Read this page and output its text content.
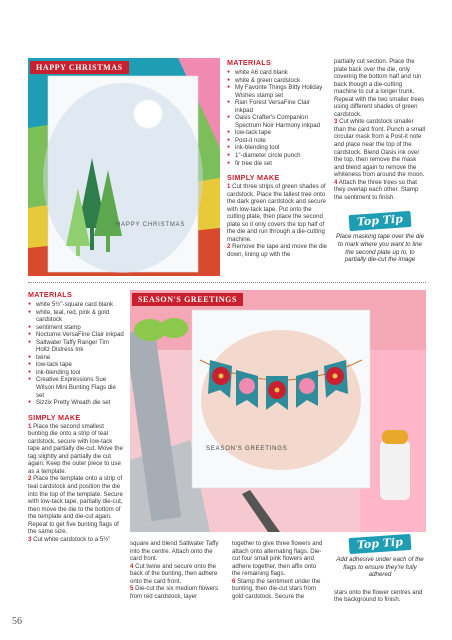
HAPPY CHRISTMAS
HAPPY CHRISTMAS
MATERIALS
● white A6 card blank
● white & green cardstock
● My Favorite Things Bitty Holiday Wishes stamp set
● Rain Forest VersaFine Clair inkpad
● Oasis Crafter's Companion Spectrum Noir Harmony inkpad
● low-tack tape
● Post-it note
● ink-blending tool
● 1"-diameter circle punch
● fir tree die set
SIMPLY MAKE

1 Cut three strips of green shades of cardstock. Place the tallest tree onto the dark green cardstock and secure with low-tack tape. Put onto the cutting plate, then place the second plate so it only covers the top half of the die and run through a die-cutting machine.

2 Remove the tape and move the die down, lining up with the

partially cut section. Place the plate back over the die, only covering the bottom half and run back though a die-cutting machine to cut a longer trunk. Repeat with the two smaller trees using different shades of green cardstock.

3 Cut white cardstock smaller than the card front. Punch a small circular mask from a Post-it note and place near the top of the cardstock. Blend Oasis ink over the top, then remove the mask and blend again to remove the whiteness from around the moon.

4 Attach the three trees so that they overlap each other. Stamp the sentiment to finish.

Top Tip
Place masking tape over the die to mark where you want to line the second plate up to, to partially die-cut the image
MATERIALS
● white 5½"-square card blank
● white, teal, red, pink & gold cardstock
● sentiment stamp
● Nocturne VersaFine Clair inkpad
● Saltwater Taffy Ranger Tim Holtz Distress Ink
● twine
● low-tack tape
● ink-blending tool
● Creative Expressions Sue Wilson Mini Bunting Flags die set
● Sizzix Pretty Wreath die set
SIMPLY MAKE

1 Place the second smallest bunting die onto a strip of teal cardstock, secure with low-tack tape and partially die-cut. Move the tag slightly and partially die cut again. Keep the outer piece to use as a template.

2 Place the template onto a strip of teal cardstock and position the die into the top of the template. Secure with low-tack tape, partially die-cut, then move the die to the bottom of the template and die-cut again. Repeat to get five bunting flags of the same size.

3 Cut white cardstock to a 5½"

SEASON'S GREETINGS
SEASON'S GREETINGS

square and blend Saltwater Taffy into the centre. Attach onto the card front.

4 Cut twine and secure onto the back of the bunting, then adhere onto the card front.

5 Die-cut the six medium flowers from red cardstock, layer

together to give three flowers and attach onto alternating flags. Die-cut four small pink flowers and adhere together, then affix onto the remaining flags.

6 Stamp the sentiment under the bunting, then die-cut stars from gold cardstock. Secure the

Top Tip
Add adhesive under each of the flags to ensure they're fully adhered

stars onto the flower centres and the background to finish.

56
